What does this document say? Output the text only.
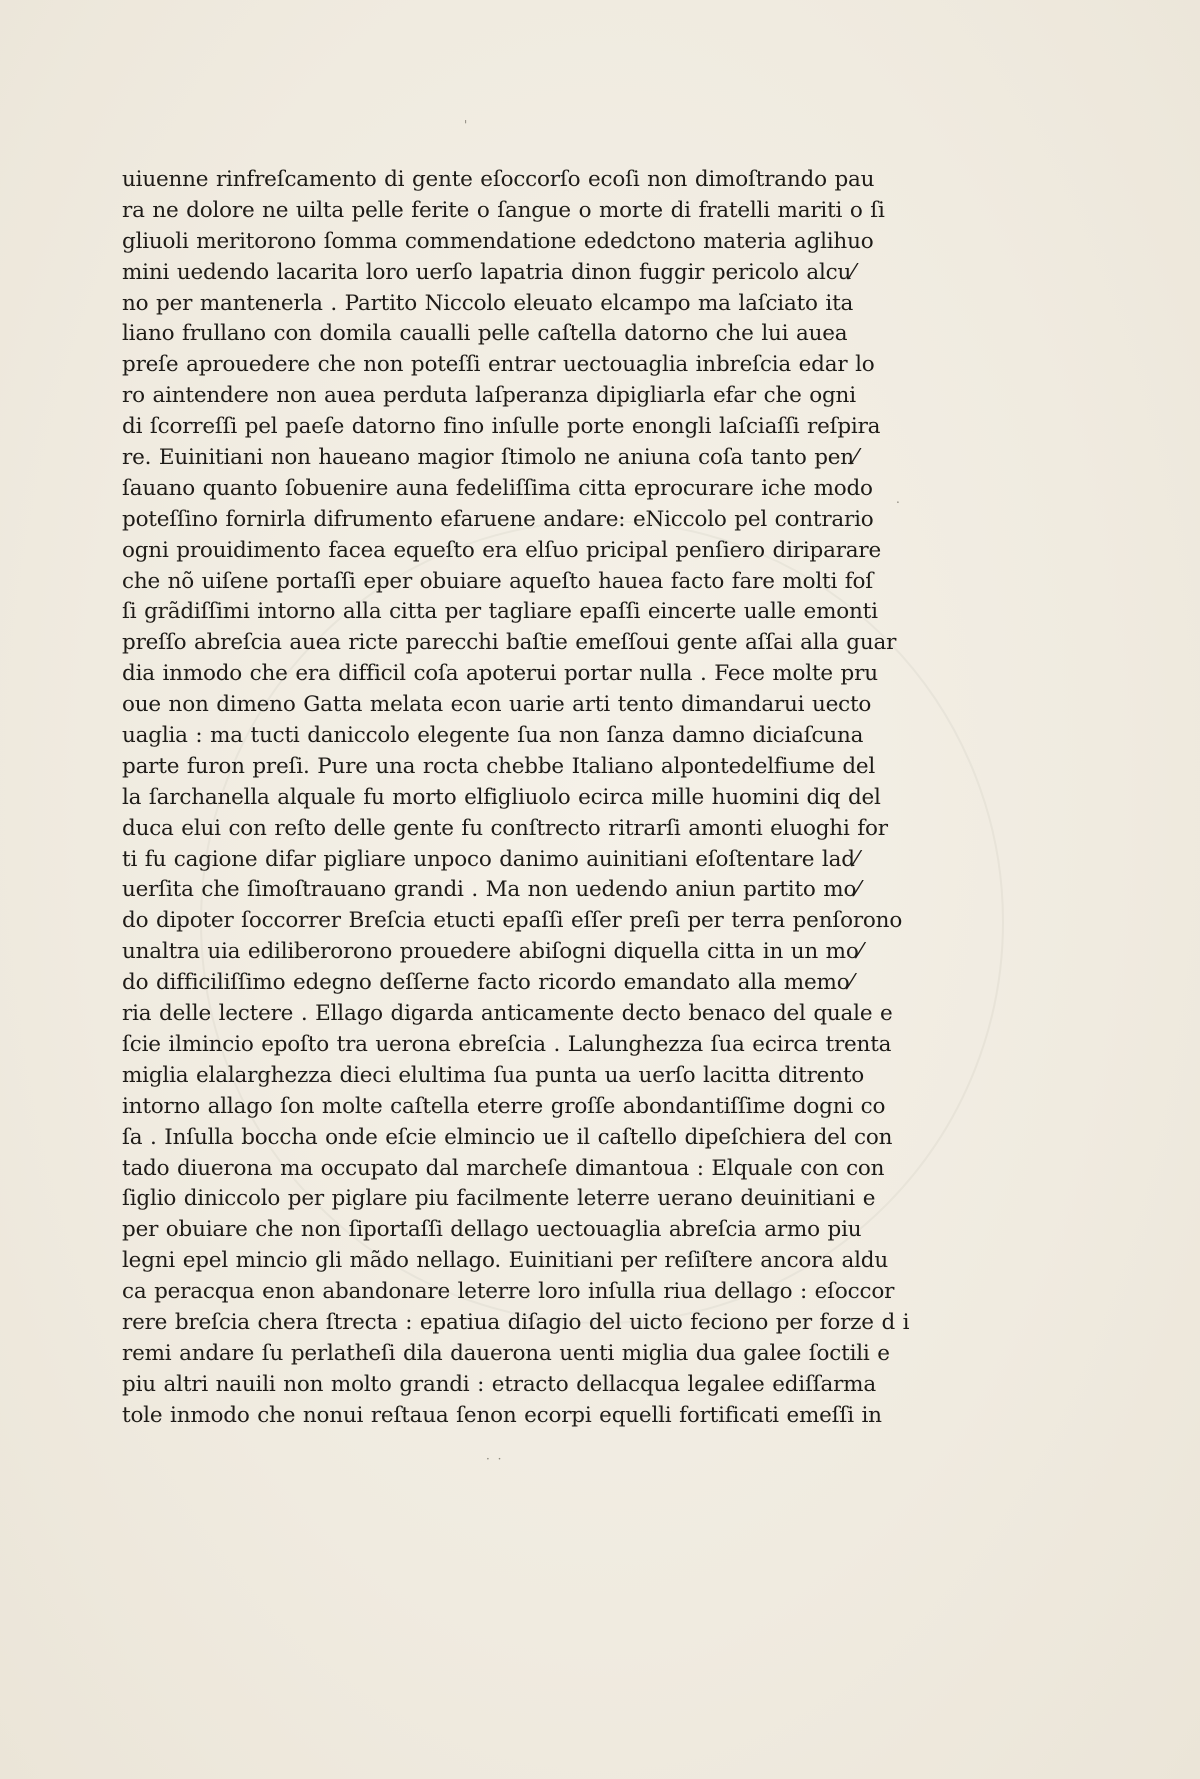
'
.
uiuenne rinfreſcamento di gente eſoccorſo ecoſi non dimoſtrando pau
ra ne dolore ne uilta pelle ferite o ſangue o morte di fratelli mariti o ſi
gliuoli meritorono ſomma commendatione ededctono materia aglihuo
mini uedendo lacarita loro uerſo lapatria dinon fuggir pericolo alcu⁄
no per mantenerla . Partito Niccolo eleuato elcampo ma laſciato ita
liano frullano con domila caualli pelle caſtella datorno che lui auea
preſe aprouedere che non poteſſi entrar uectouaglia inbreſcia edar lo
ro aintendere non auea perduta laſperanza dipigliarla efar che ogni
di ſcorreſſi pel paeſe datorno fino inſulle porte enongli laſciaſſi reſpira
re. Euinitiani non haueano magior ſtimolo ne aniuna coſa tanto pen⁄
ſauano quanto ſobuenire auna fedeliſſima citta eprocurare iche modo
poteſſino fornirla difrumento efaruene andare: eNiccolo pel contrario
ogni prouidimento facea equeſto era elſuo pricipal penſiero diriparare
che nõ uiſene portaſſi eper obuiare aqueſto hauea facto fare molti foſ
ſi grãdiſſimi intorno alla citta per tagliare epaſſi eincerte ualle emonti
preſſo abreſcia auea ricte parecchi baſtie emeſſoui gente aſſai alla guar
dia inmodo che era difficil coſa apoterui portar nulla . Fece molte pru
oue non dimeno Gatta melata econ uarie arti tento dimandarui uecto
uaglia : ma tucti daniccolo elegente ſua non ſanza damno diciaſcuna
parte furon preſi. Pure una rocta chebbe Italiano alpontedelfiume del
la ſarchanella alquale fu morto elfigliuolo ecirca mille huomini diq del
duca elui con reſto delle gente fu conſtrecto ritrarſi amonti eluoghi for
ti fu cagione difar pigliare unpoco danimo auinitiani eſoſtentare lad⁄
uerſita che ſimoſtrauano grandi . Ma non uedendo aniun partito mo⁄
do dipoter ſoccorrer Breſcia etucti epaſſi eſſer preſi per terra penſorono
unaltra uia ediliberorono prouedere abiſogni diquella citta in un mo⁄
do difficiliſſimo edegno deſſerne facto ricordo emandato alla memo⁄
ria delle lectere . Ellago digarda anticamente decto benaco del quale e
ſcie ilmincio epoſto tra uerona ebreſcia . Lalunghezza ſua ecirca trenta
miglia elalarghezza dieci elultima ſua punta ua uerſo lacitta ditrento
intorno allago ſon molte caſtella eterre groſſe abondantiſſime dogni co
ſa . Inſulla boccha onde eſcie elmincio ue il caſtello dipeſchiera del con
tado diuerona ma occupato dal marcheſe dimantoua : Elquale con con
ſiglio diniccolo per piglare piu facilmente leterre uerano deuinitiani e
per obuiare che non ſiportaſſi dellago uectouaglia abreſcia armo piu
legni epel mincio gli mãdo nellago. Euinitiani per reſiſtere ancora aldu
ca peracqua enon abandonare leterre loro inſulla riua dellago : eſoccor
rere breſcia chera ſtrecta : epatiua diſagio del uicto feciono per forze d i
remi andare ſu perlatheſi dila dauerona uenti miglia dua galee ſoctili e
piu altri nauili non molto grandi : etracto dellacqua legalee ediſſarma
tole inmodo che nonui reſtaua ſenon ecorpi equelli fortificati emeſſi in
· ·
